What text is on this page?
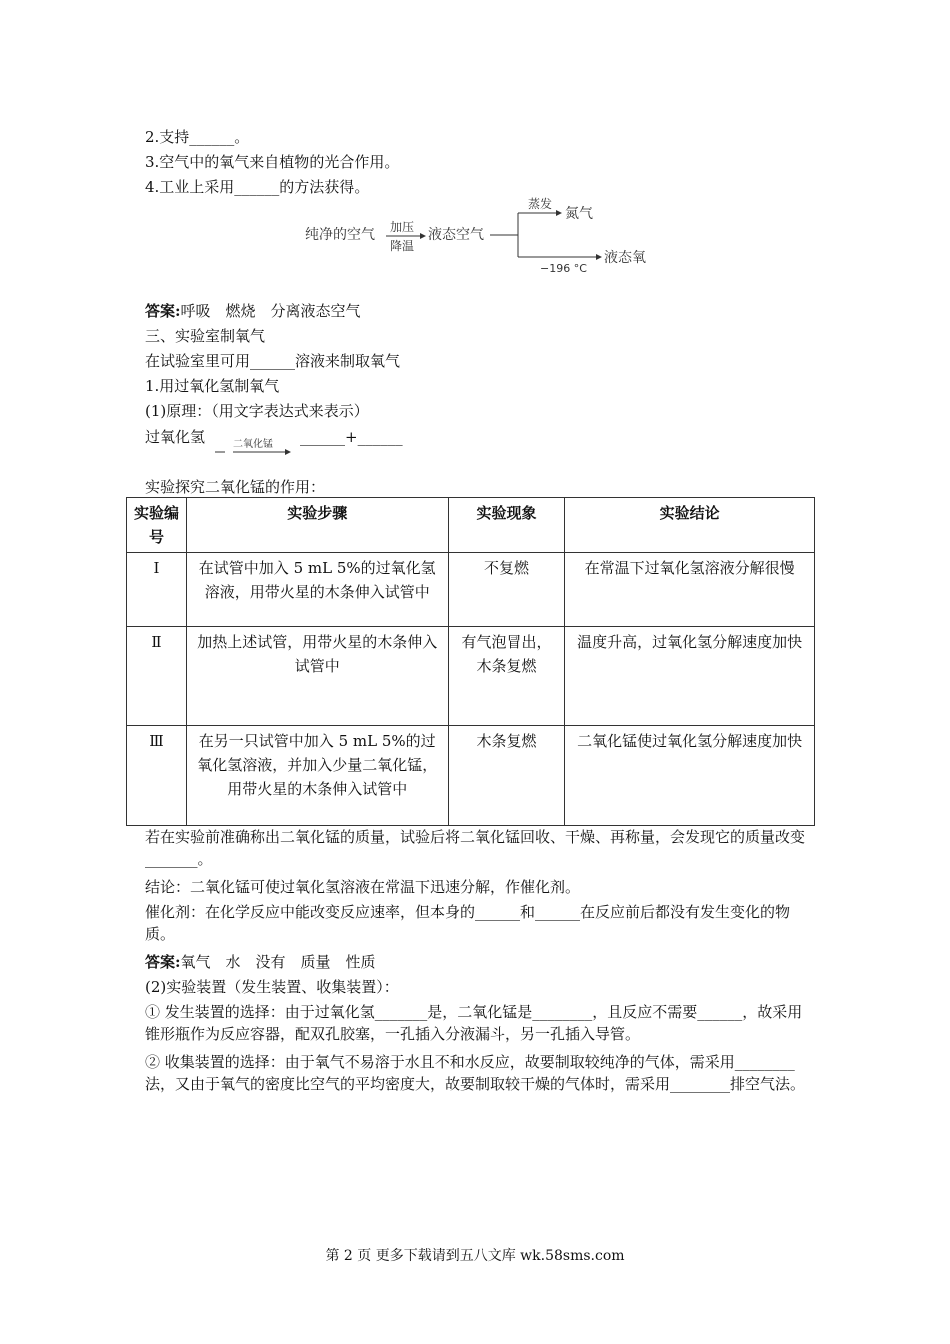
2.支持______。
3.空气中的氧气来自植物的光合作用。
4.工业上采用______的方法获得。
纯净的空气 加压
降温
液态空气
蒸发
氮气
−196 °C
液态氧
答案:呼吸　燃烧　分离液态空气
三、实验室制氧气
在试验室里可用______溶液来制取氧气
1.用过氧化氢制氧气
(1)原理：（用文字表达式来表示）
过氧化氢	二氧化锰 ______+______
实验探究二氧化锰的作用：
实验编号	实验步骤	实验现象	实验结论
Ⅰ	在试管中加入 5 mL 5%的过氧化氢溶液，用带火星的木条伸入试管中	不复燃	在常温下过氧化氢溶液分解很慢
Ⅱ	加热上述试管，用带火星的木条伸入试管中	有气泡冒出，木条复燃	温度升高，过氧化氢分解速度加快
Ⅲ	在另一只试管中加入 5 mL 5%的过氧化氢溶液，并加入少量二氧化锰，用带火星的木条伸入试管中	木条复燃	二氧化锰使过氧化氢分解速度加快
若在实验前准确称出二氧化锰的质量，试验后将二氧化锰回收、干燥、再称量，会发现它的质量改变_______。
结论：二氧化锰可使过氧化氢溶液在常温下迅速分解，作催化剂。
催化剂：在化学反应中能改变反应速率，但本身的______和______在反应前后都没有发生变化的物质。
答案:氧气　水　没有　质量　性质
(2)实验装置（发生装置、收集装置）：
① 发生装置的选择：由于过氧化氢_______是，二氧化锰是________，且反应不需要______，故采用锥形瓶作为反应容器，配双孔胶塞，一孔插入分液漏斗，另一孔插入导管。
② 收集装置的选择：由于氧气不易溶于水且不和水反应，故要制取较纯净的气体，需采用________法，又由于氧气的密度比空气的平均密度大，故要制取较干燥的气体时，需采用________排空气法。
第 2 页 更多下载请到五八文库 wk.58sms.com
